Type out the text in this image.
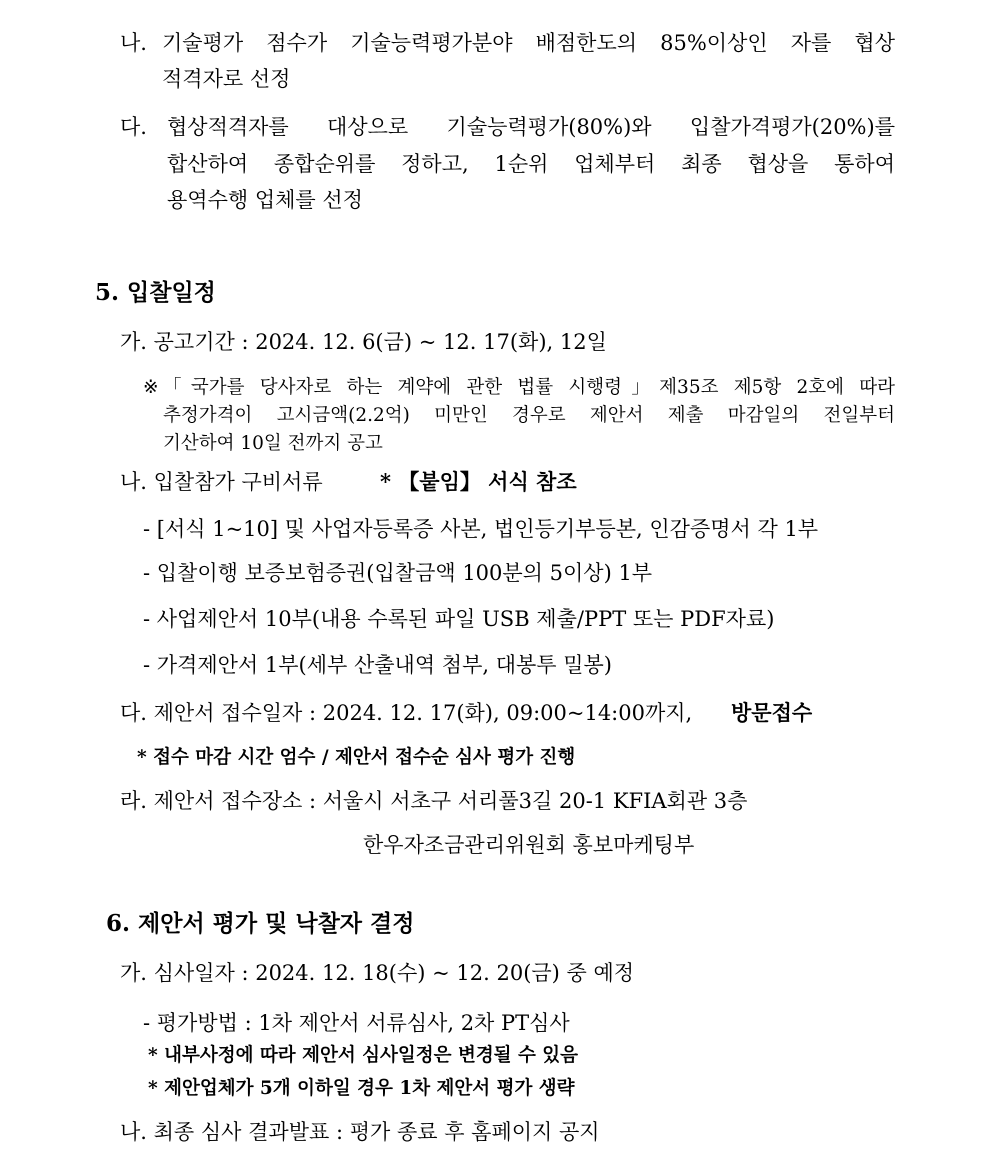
나. 기술평가 점수가 기술능력평가분야 배점한도의 85%이상인 자를 협상
적격자로 선정
다. 협상적격자를 대상으로 기술능력평가(80%)와 입찰가격평가(20%)를
합산하여 종합순위를 정하고, 1순위 업체부터 최종 협상을 통하여
용역수행 업체를 선정
5. 입찰일정
가. 공고기간 : 2024. 12. 6(금) ~ 12. 17(화), 12일
※ 「국가를 당사자로 하는 계약에 관한 법률 시행령」제35조 제5항 2호에 따라
추정가격이 고시금액(2.2억) 미만인 경우로 제안서 제출 마감일의 전일부터
기산하여 10일 전까지 공고
나. 입찰참가 구비서류	* 【붙임】 서식 참조
- [서식 1~10] 및 사업자등록증 사본, 법인등기부등본, 인감증명서 각 1부
- 입찰이행 보증보험증권(입찰금액 100분의 5이상) 1부
- 사업제안서 10부(내용 수록된 파일 USB 제출/PPT 또는 PDF자료)
- 가격제안서 1부(세부 산출내역 첨부, 대봉투 밀봉)
다. 제안서 접수일자 : 2024. 12. 17(화), 09:00~14:00까지, 방문접수
* 접수 마감 시간 엄수 / 제안서 접수순 심사 평가 진행
라. 제안서 접수장소 : 서울시 서초구 서리풀3길 20-1 KFIA회관 3층
한우자조금관리위원회 홍보마케팅부
6. 제안서 평가 및 낙찰자 결정
가. 심사일자 : 2024. 12. 18(수) ~ 12. 20(금) 중 예정
- 평가방법 : 1차 제안서 서류심사, 2차 PT심사
* 내부사정에 따라 제안서 심사일정은 변경될 수 있음
* 제안업체가 5개 이하일 경우 1차 제안서 평가 생략
나. 최종 심사 결과발표 : 평가 종료 후 홈페이지 공지
